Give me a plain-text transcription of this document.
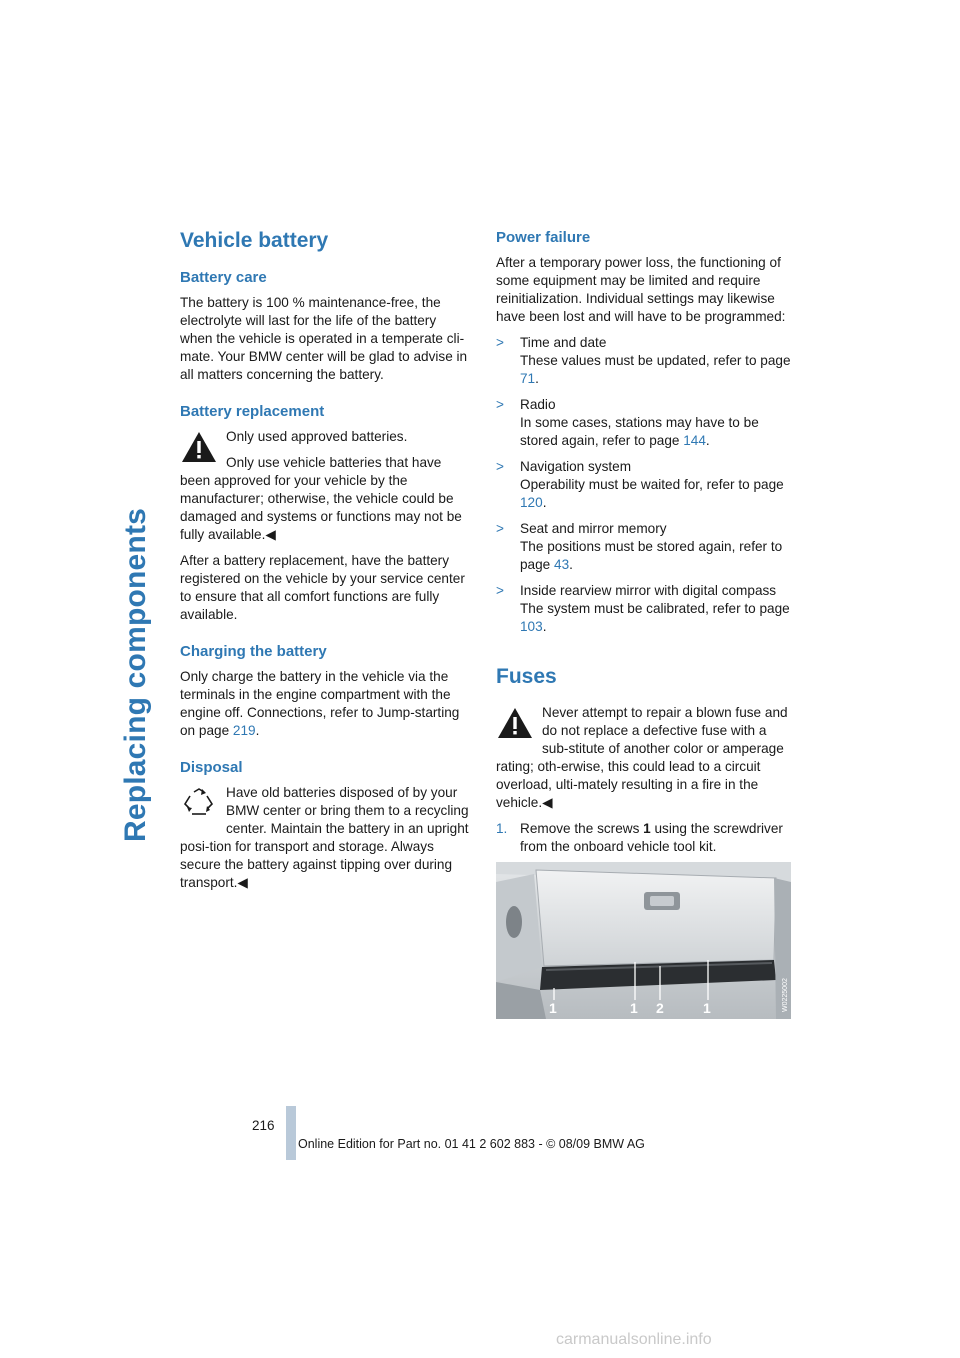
Replacing components
Vehicle battery
Battery care

The battery is 100 % maintenance-free, the electrolyte will last for the life of the battery when the vehicle is operated in a temperate cli-mate. Your BMW center will be glad to advise in all matters concerning the battery.

Battery replacement

Only used approved batteries.

Only use vehicle batteries that have been approved for your vehicle by the manufacturer; otherwise, the vehicle could be damaged and systems or functions may not be fully available.◀

After a battery replacement, have the battery registered on the vehicle by your service center to ensure that all comfort functions are fully available.

Charging the battery

Only charge the battery in the vehicle via the terminals in the engine compartment with the engine off. Connections, refer to Jump-starting on page 219.

Disposal

Have old batteries disposed of by your BMW center or bring them to a recycling center. Maintain the battery in an upright posi-tion for transport and storage. Always secure the battery against tipping over during transport.◀

Power failure

After a temporary power loss, the functioning of some equipment may be limited and require reinitialization. Individual settings may likewise have been lost and will have to be programmed:

> Time and date
These values must be updated, refer to page 71.
> Radio
In some cases, stations may have to be stored again, refer to page 144.
> Navigation system
Operability must be waited for, refer to page 120.
> Seat and mirror memory
The positions must be stored again, refer to page 43.
> Inside rearview mirror with digital compass
The system must be calibrated, refer to page 103.
Fuses

Never attempt to repair a blown fuse and do not replace a defective fuse with a sub-stitute of another color or amperage rating; oth-erwise, this could lead to a circuit overload, ulti-mately resulting in a fire in the vehicle.◀

1. Remove the screws 1 using the screwdriver from the onboard vehicle tool kit.
1	1 2	1	W0225002
216
Online Edition for Part no. 01 41 2 602 883 - © 08/09 BMW AG
carmanualsonline.info
